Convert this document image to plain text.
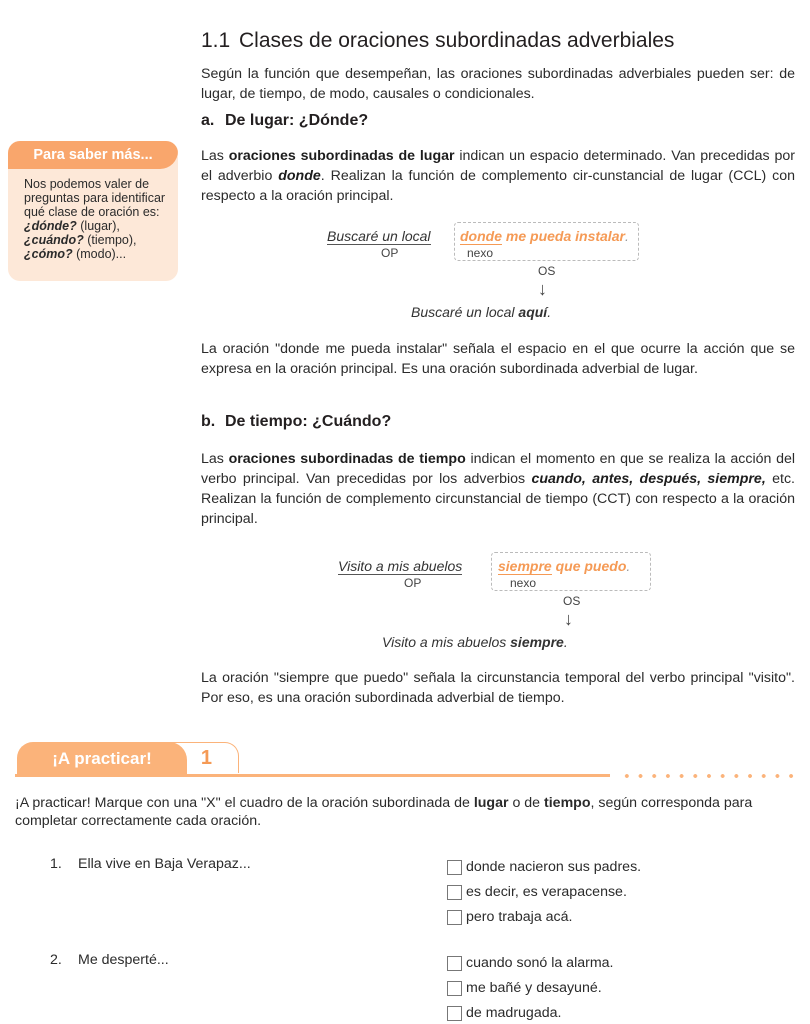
1.1 Clases de oraciones subordinadas adverbiales
Según la función que desempeñan, las oraciones subordinadas adverbiales pueden ser: de lugar, de tiempo, de modo, causales o condicionales.
a. De lugar: ¿Dónde?
Para saber más...
Nos podemos valer de preguntas para identificar qué clase de oración es:
¿dónde? (lugar),
¿cuándo? (tiempo),
¿cómo? (modo)...
Las oraciones subordinadas de lugar indican un espacio determinado. Van precedidas por el adverbio donde. Realizan la función de complemento cir-cunstancial de lugar (CCL) con respecto a la oración principal.
Buscaré un local
OP
donde me pueda instalar.
nexo
OS
↓
Buscaré un local aquí.
La oración "donde me pueda instalar" señala el espacio en el que ocurre la acción que se expresa en la oración principal. Es una oración subordinada adverbial de lugar.
b. De tiempo: ¿Cuándo?
Las oraciones subordinadas de tiempo indican el momento en que se realiza la acción del verbo principal. Van precedidas por los adverbios cuando, antes, después, siempre, etc. Realizan la función de complemento circunstancial de tiempo (CCT) con respecto a la oración principal.
Visito a mis abuelos
OP
siempre que puedo.
nexo
OS
↓
Visito a mis abuelos siempre.
La oración "siempre que puedo" señala la circunstancia temporal del verbo principal "visito". Por eso, es una oración subordinada adverbial de tiempo.
¡A practicar!	1
¡A practicar! Marque con una "X" el cuadro de la oración subordinada de lugar o de tiempo, según corresponda para completar correctamente cada oración.
1. Ella vive en Baja Verapaz...	donde nacieron sus padres.
es decir, es verapacense.
pero trabaja acá.
2. Me desperté...	cuando sonó la alarma.
me bañé y desayuné.
de madrugada.
